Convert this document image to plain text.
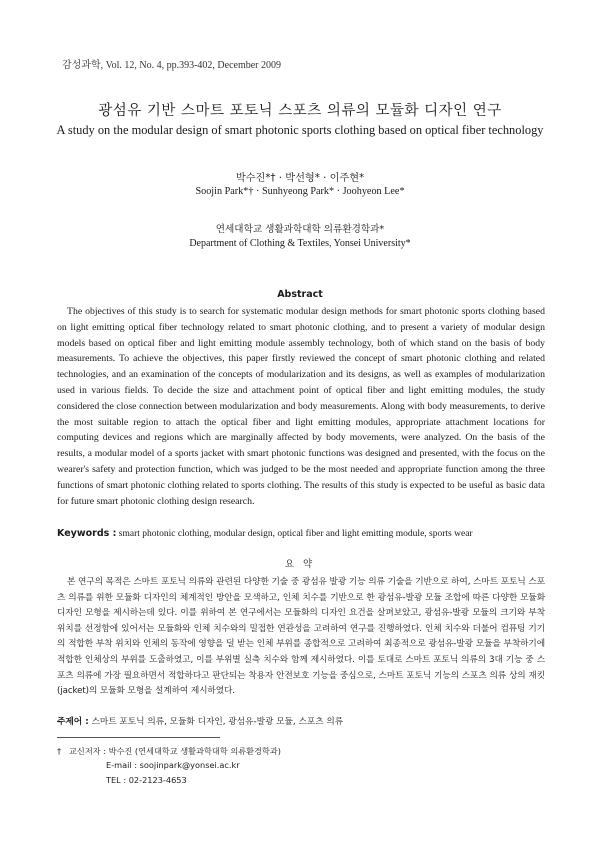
감성과학, Vol. 12, No. 4, pp.393-402, December 2009
광섬유 기반 스마트 포토닉 스포츠 의류의 모듈화 디자인 연구
A study on the modular design of smart photonic sports clothing based on optical fiber technology
박수진*† · 박선형* · 이주현*
Soojin Park*† · Sunhyeong Park* · Joohyeon Lee*
연세대학교 생활과학대학 의류환경학과*
Department of Clothing & Textiles, Yonsei University*
Abstract

The objectives of this study is to search for systematic modular design methods for smart photonic sports clothing based on light emitting optical fiber technology related to smart photonic clothing, and to present a variety of modular design models based on optical fiber and light emitting module assembly technology, both of which stand on the basis of body measurements. To achieve the objectives, this paper firstly reviewed the concept of smart photonic clothing and related technologies, and an examination of the concepts of modularization and its designs, as well as examples of modularization used in various fields. To decide the size and attachment point of optical fiber and light emitting modules, the study considered the close connection between modularization and body measurements. Along with body measurements, to derive the most suitable region to attach the optical fiber and light emitting modules, appropriate attachment locations for computing devices and regions which are marginally affected by body movements, were analyzed. On the basis of the results, a modular model of a sports jacket with smart photonic functions was designed and presented, with the focus on the wearer's safety and protection function, which was judged to be the most needed and appropriate function among the three functions of smart photonic clothing related to sports clothing. The results of this study is expected to be useful as basic data for future smart photonic clothing design research.

Keywords : smart photonic clothing, modular design, optical fiber and light emitting module, sports wear
요 약

본 연구의 목적은 스마트 포토닉 의류와 관련된 다양한 기술 중 광섬유 발광 기능 의류 기술을 기반으로 하여, 스마트 포토닉 스포츠 의류를 위한 모듈화 디자인의 체계적인 방안을 모색하고, 인체 치수를 기반으로 한 광섬유-발광 모듈 조합에 따른 다양한 모듈화 디자인 모형을 제시하는데 있다. 이를 위하여 본 연구에서는 모듈화의 디자인 요건을 살펴보았고, 광섬유-발광 모듈의 크기와 부착 위치를 선정함에 있어서는 모듈화와 인체 치수와의 밀접한 연관성을 고려하여 연구를 진행하였다. 인체 치수와 더불어 컴퓨팅 기기의 적합한 부착 위치와 인체의 동작에 영향을 덜 받는 인체 부위를 종합적으로 고려하여 최종적으로 광섬유-발광 모듈을 부착하기에 적합한 인체상의 부위를 도출하였고, 이를 부위별 실측 치수와 함께 제시하였다. 이를 토대로 스마트 포토닉 의류의 3대 기능 중 스포츠 의류에 가장 필요하면서 적합하다고 판단되는 착용자 안전보호 기능을 중심으로, 스마트 포토닉 기능의 스포츠 의류 상의 재킷(jacket)의 모듈화 모형을 설계하여 제시하였다.

주제어 : 스마트 포토닉 의류, 모듈화 디자인, 광섬유-발광 모듈, 스포츠 의류
† 교신저자 : 박수진 (연세대학교 생활과학대학 의류환경학과)
E-mail : soojinpark@yonsei.ac.kr
TEL : 02-2123-4653
